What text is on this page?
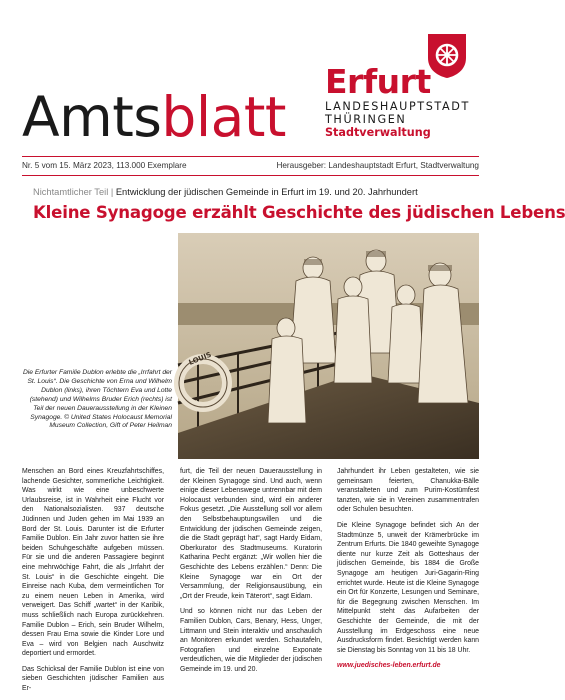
Amtsblatt
Erfurt
LANDESHAUPTSTADT
THÜRINGEN
Stadtverwaltung
Nr. 5 vom 15. März 2023, 113.000 Exemplare	Herausgeber: Landeshauptstadt Erfurt, Stadtverwaltung
Nichtamtlicher Teil | Entwicklung der jüdischen Gemeinde in Erfurt im 19. und 20. Jahrhundert
Kleine Synagoge erzählt Geschichte des jüdischen Lebens
LOUIS
Die Erfurter Familie Dublon erlebte die „Irrfahrt der St. Louis“. Die Geschichte von Erna und Wilhelm Dublon (links), ihren Töchtern Eva und Lotte (stehend) und Wilhelms Bruder Erich (rechts) ist Teil der neuen Dauerausstellung in der Kleinen Synagoge. © United States Holocaust Memorial Museum Collection, Gift of Peter Heilman

Menschen an Bord eines Kreuzfahrtschiffes, lachende Gesichter, sommerliche Leichtigkeit. Was wirkt wie eine unbeschwerte Urlaubsreise, ist in Wahrheit eine Flucht vor den Nationalsozialisten. 937 deutsche Jüdinnen und Juden gehen im Mai 1939 an Bord der St. Louis. Darunter ist die Erfurter Familie Dublon. Ein Jahr zuvor hatten sie ihre beiden Schuhgeschäfte aufgeben müssen. Für sie und die anderen Passagiere beginnt eine mehrwöchige Fahrt, die als „Irrfahrt der St. Louis“ in die Geschichte eingeht. Die Einreise nach Kuba, dem vermeintlichen Tor zu einem neuen Leben in Amerika, wird verweigert. Das Schiff „wartet“ in der Karibik, muss schließlich nach Europa zurückkehren. Familie Dublon – Erich, sein Bruder Wilhelm, dessen Frau Erna sowie die Kinder Lore und Eva – wird von Belgien nach Auschwitz deportiert und ermordet.

Das Schicksal der Familie Dublon ist eine von sieben Geschichten jüdischer Familien aus Er-

furt, die Teil der neuen Dauerausstellung in der Kleinen Synagoge sind. Und auch, wenn einige dieser Lebenswege untrennbar mit dem Holocaust verbunden sind, wird ein anderer Fokus gesetzt. „Die Ausstellung soll vor allem den Selbstbehauptungswillen und die Entwicklung der jüdischen Gemeinde zeigen, die die Stadt geprägt hat“, sagt Hardy Eidam, Oberkurator des Stadtmuseums. Kuratorin Katharina Pecht ergänzt: „Wir wollen hier die Geschichte des Lebens erzählen.“ Denn: Die Kleine Synagoge war ein Ort der Versammlung, der Religionsausübung, ein „Ort der Freude, kein Täterort“, sagt Eidam.

Und so können nicht nur das Leben der Familien Dublon, Cars, Benary, Hess, Unger, Littmann und Stein interaktiv und anschaulich an Monitoren erkundet werden. Schautafeln, Fotografien und einzelne Exponate verdeutlichen, wie die Mitglieder der jüdischen Gemeinde im 19. und 20.

Jahrhundert ihr Leben gestalteten, wie sie gemeinsam feierten, Chanukka-Bälle veranstalteten und zum Purim-Kostümfest tanzten, wie sie in Vereinen zusammentrafen oder Schulen besuchten.

Die Kleine Synagoge befindet sich An der Stadtmünze 5, unweit der Krämerbrücke im Zentrum Erfurts. Die 1840 geweihte Synagoge diente nur kurze Zeit als Gotteshaus der jüdischen Gemeinde, bis 1884 die Große Synagoge am heutigen Juri-Gagarin-Ring errichtet wurde. Heute ist die Kleine Synagoge ein Ort für Konzerte, Lesungen und Seminare, für die Begegnung zwischen Menschen. Im Mittelpunkt steht das Aufarbeiten der Geschichte der Gemeinde, die mit der Ausstellung im Erdgeschoss eine neue Ausdrucksform findet. Besichtigt werden kann sie Dienstag bis Sonntag von 11 bis 18 Uhr.

www.juedisches-leben.erfurt.de
